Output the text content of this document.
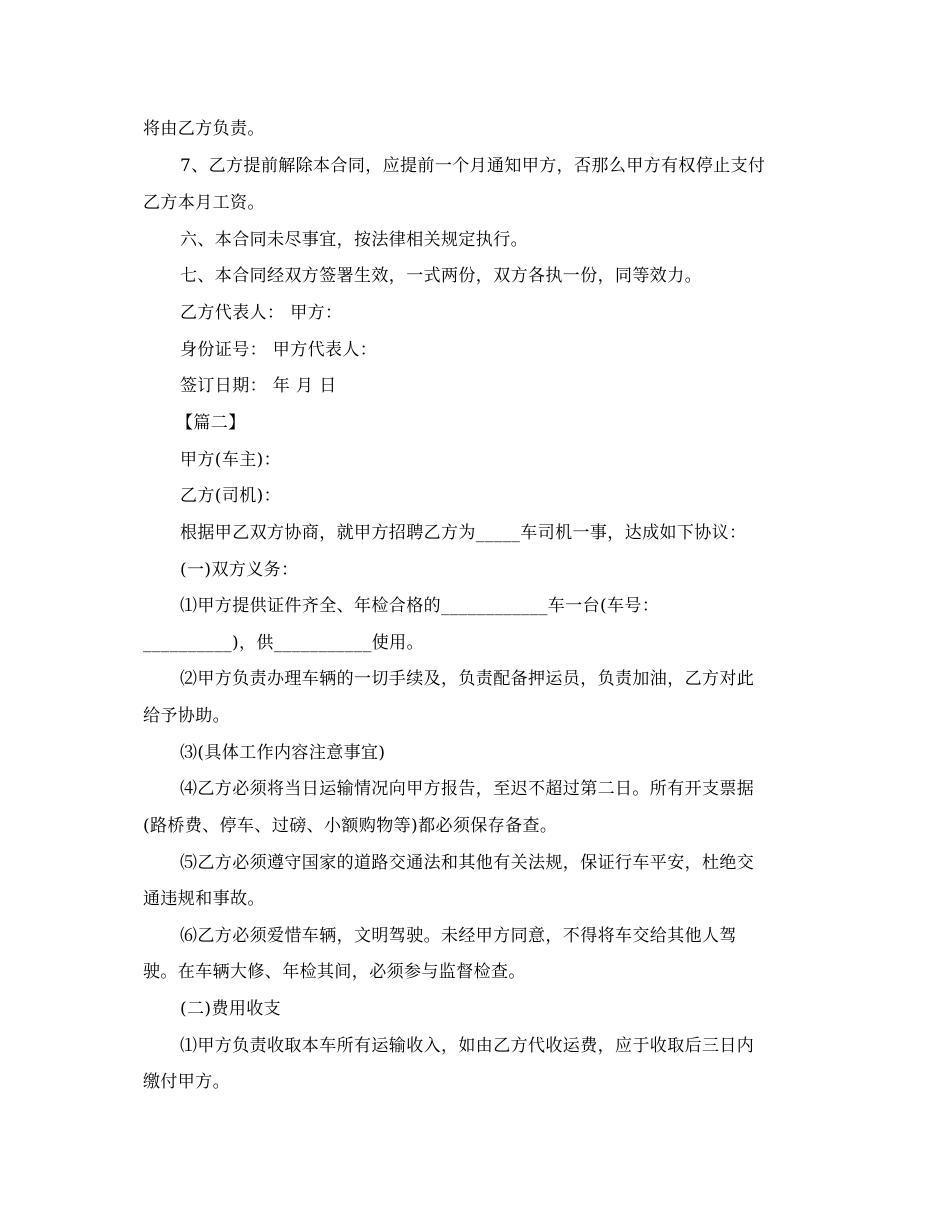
将由乙方负责。
7、乙方提前解除本合同，应提前一个月通知甲方，否那么甲方有权停止支付
乙方本月工资。
六、本合同未尽事宜，按法律相关规定执行。
七、本合同经双方签署生效，一式两份，双方各执一份，同等效力。
乙方代表人： 甲方：
身份证号： 甲方代表人：
签订日期： 年 月 日
【篇二】
甲方(车主)：
乙方(司机)：
根据甲乙双方协商，就甲方招聘乙方为_____车司机一事，达成如下协议：
(一)双方义务：
⑴甲方提供证件齐全、年检合格的____________车一台(车号：
__________)，供___________使用。
⑵甲方负责办理车辆的一切手续及，负责配备押运员，负责加油，乙方对此
给予协助。
⑶(具体工作内容注意事宜)
⑷乙方必须将当日运输情况向甲方报告，至迟不超过第二日。所有开支票据
(路桥费、停车、过磅、小额购物等)都必须保存备查。
⑸乙方必须遵守国家的道路交通法和其他有关法规，保证行车平安，杜绝交
通违规和事故。
⑹乙方必须爱惜车辆，文明驾驶。未经甲方同意，不得将车交给其他人驾
驶。在车辆大修、年检其间，必须参与监督检查。
(二)费用收支
⑴甲方负责收取本车所有运输收入，如由乙方代收运费，应于收取后三日内
缴付甲方。
